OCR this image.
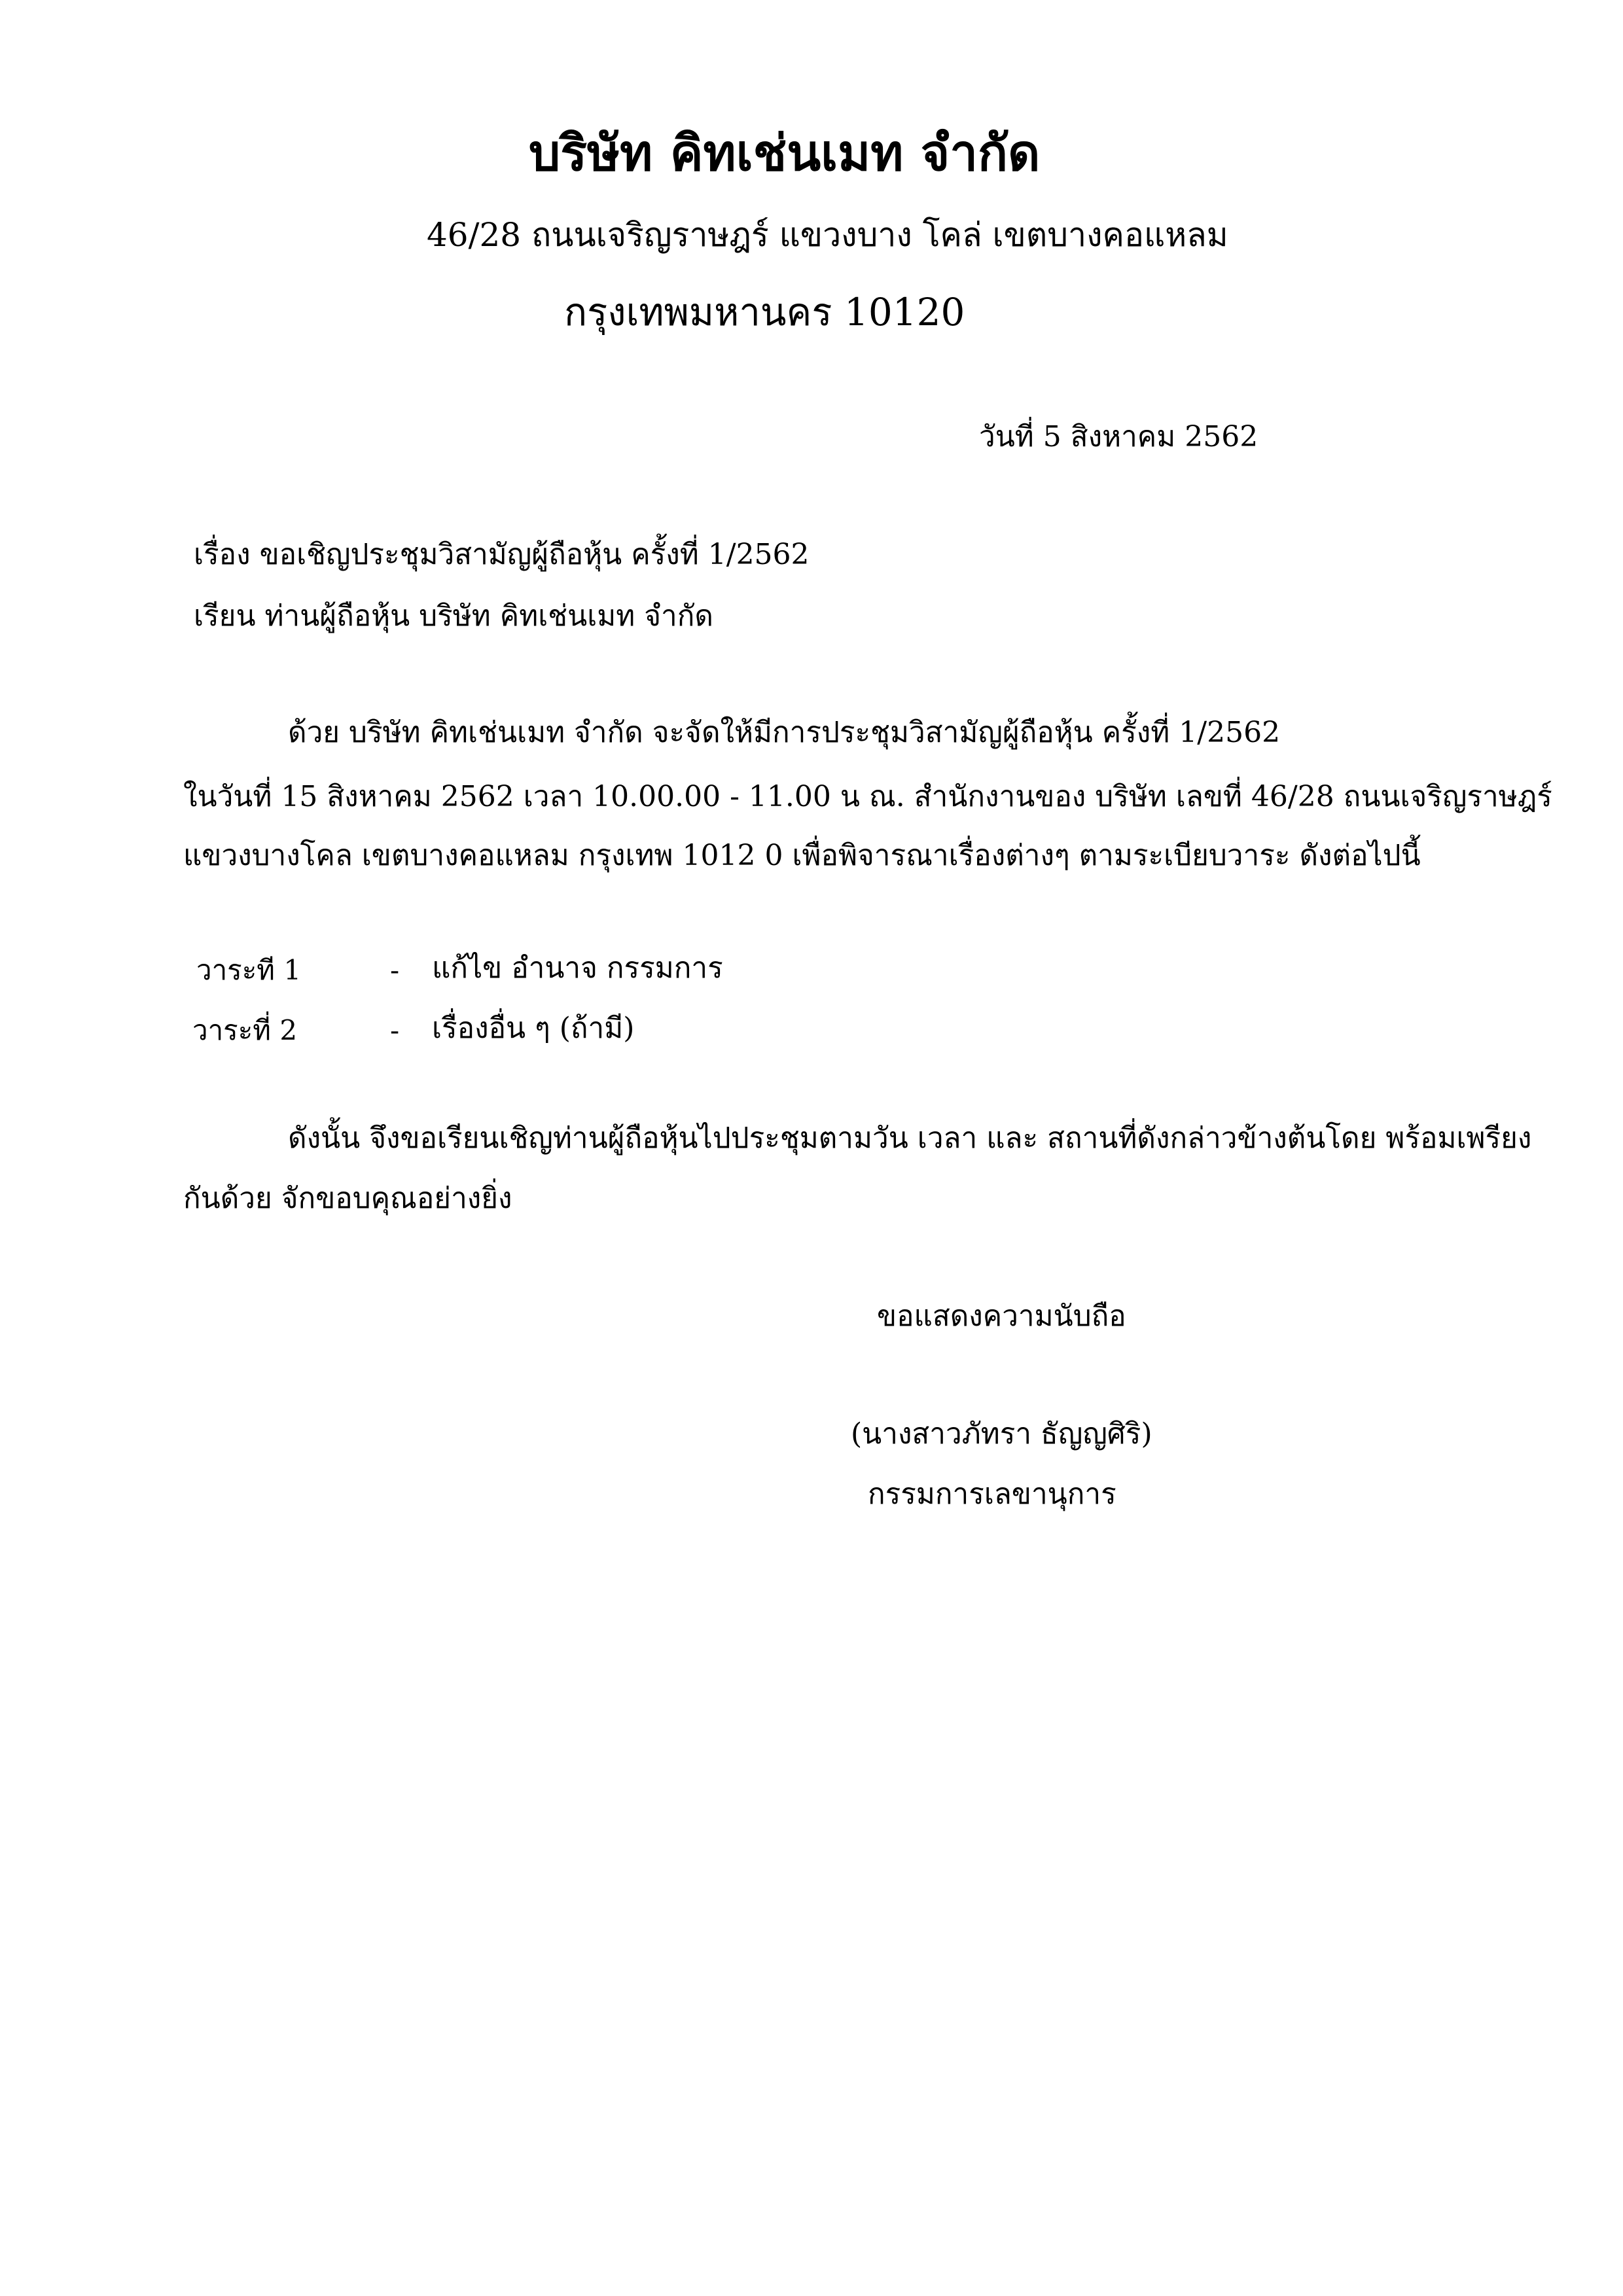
บริษัท คิทเช่นเมท จำกัด
46/28 ถนนเจริญราษฎร์ แขวงบาง โคล่ เขตบางคอแหลม
กรุงเทพมหานคร 10120
วันที่ 5 สิงหาคม 2562
เรื่อง ขอเชิญประชุมวิสามัญผู้ถือหุ้น ครั้งที่ 1/2562
เรียน ท่านผู้ถือหุ้น บริษัท คิทเช่นเมท จำกัด
ด้วย บริษัท คิทเช่นเมท จำกัด จะจัดให้มีการประชุมวิสามัญผู้ถือหุ้น ครั้งที่ 1/2562
ในวันที่ 15 สิงหาคม 2562 เวลา 10.00.00 - 11.00 น ณ. สำนักงานของ บริษัท เลขที่ 46/28 ถนนเจริญราษฎร์
แขวงบางโคล เขตบางคอแหลม กรุงเทพ 1012 0 เพื่อพิจารณาเรื่องต่างๆ ตามระเบียบวาระ ดังต่อไปนี้
วาระที 1	- แก้ไข อำนาจ กรรมการ
วาระที่ 2	- เรื่องอื่น ๆ (ถ้ามี)
ดังนั้น จึงขอเรียนเชิญท่านผู้ถือหุ้นไปประชุมตามวัน เวลา และ สถานที่ดังกล่าวข้างต้นโดย พร้อมเพรียง
กันด้วย จักขอบคุณอย่างยิ่ง
ขอแสดงความนับถือ
(นางสาวภัทรา ธัญญศิริ)
กรรมการเลขานุการ
